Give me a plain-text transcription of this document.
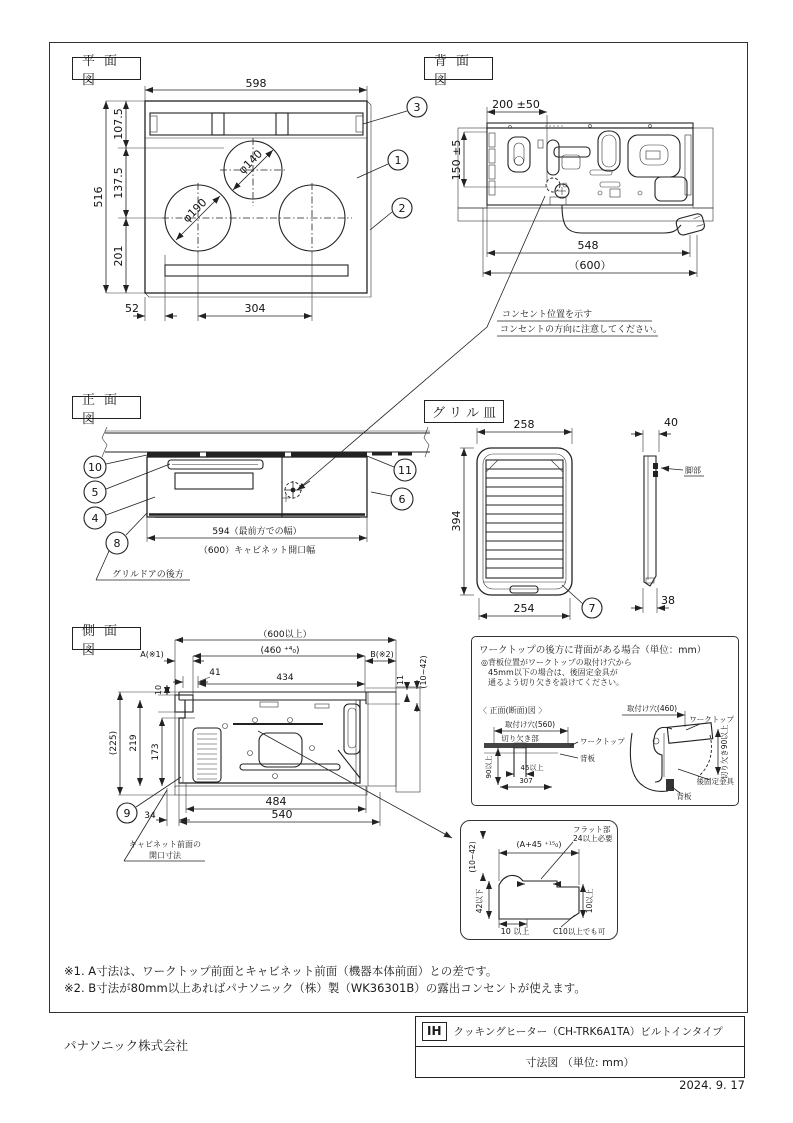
平面図
背面図
正面図	グリル皿
側面図
598
516
107.5
137.5
201
52	304
φ140
φ190
3
1
2
200 ±50
150 ±5
548
（600）
594（最前方での幅）
（600）キャビネット開口幅
10
5
4
8
グリルドアの後方
11
6
258
394
254	7
40
脚部
38
（600以上）
(460 ⁺⁴₀)
A(※1)	B(※2)
41	434
10
11 (10~42)
(225) 219
173
484
540
34
9
キャビネット前面の
開口寸法
ワークトップの後方に背面がある場合（単位：mm）
◎背板位置がワークトップの取付け穴から
45mm以下の場合は、後固定金具が
通るよう切り欠きを設けてください。
〈 正面(断面)図 〉
取付け穴(560)
切り欠き部	ワークトップ
背板
90以上	45以上
307
取付け穴(460)
ワークトップ
切り欠き90以上
後固定金具
背板
(10~42)	(A+45 ⁺¹⁵₀)
フラット部
24以上必要
10以上
42以下
10 以上	C10以上でも可
コンセント位置を示す
コンセントの方向に注意してください。
※1. A寸法は、ワークトップ前面とキャビネット前面（機器本体前面）との差です。
※2. B寸法が80mm以上あればパナソニック（株）製（WK36301B）の露出コンセントが使えます。
パナソニック株式会社
IH	クッキングヒーター（CH-TRK6A1TA）ビルトインタイプ
寸法図 （単位: mm）
2024. 9. 17
